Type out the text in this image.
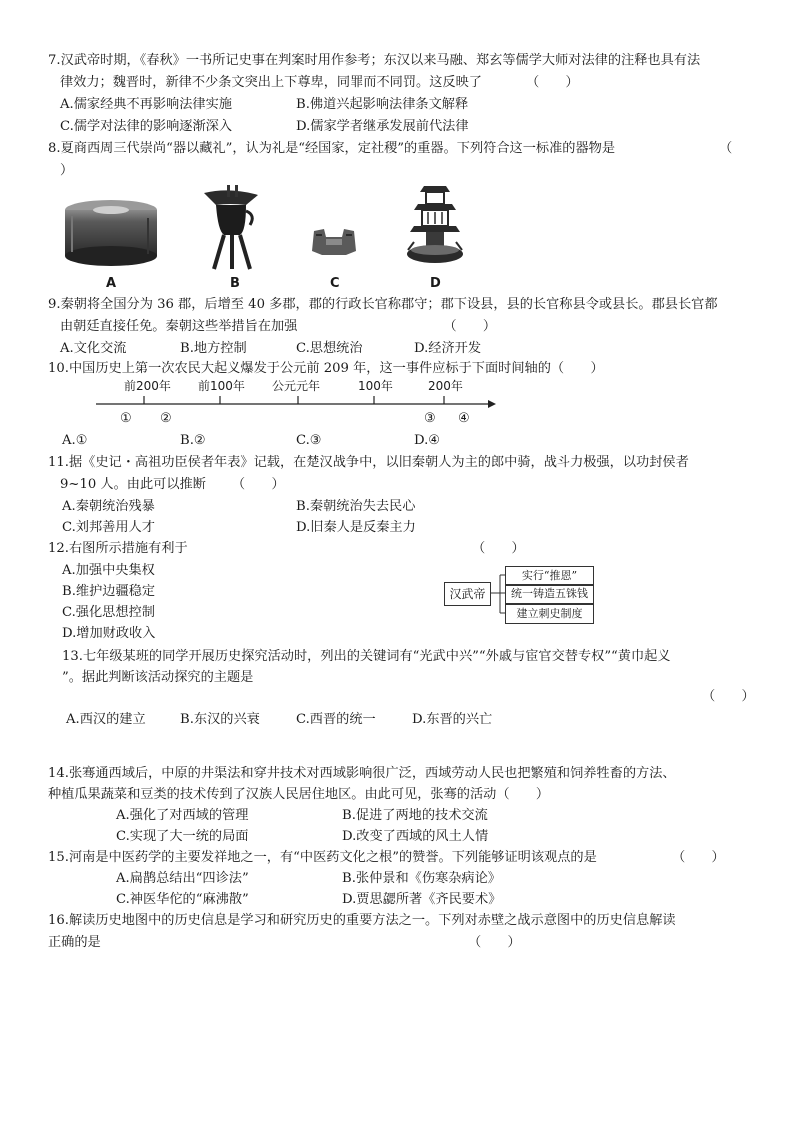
7.汉武帝时期，《春秋》一书所记史事在判案时用作参考；东汉以来马融、郑玄等儒学大师对法律的注释也具有法
律效力；魏晋时，新律不少条文突出上下尊卑，同罪而不同罚。这反映了	（　　）
A.儒家经典不再影响法律实施	B.佛道兴起影响法律条文解释
C.儒学对法律的影响逐渐深入	D.儒家学者继承发展前代法律
8.夏商西周三代崇尚“器以藏礼”，认为礼是“经国家，定社稷”的重器。下列符合这一标准的器物是	（
）
A	B	C	D
9.秦朝将全国分为 36 郡，后增至 40 多郡，郡的行政长官称郡守；郡下设县，县的长官称县令或县长。郡县长官都
由朝廷直接任免。秦朝这些举措旨在加强	（　　）
A.文化交流	B.地方控制	C.思想统治	D.经济开发
10.中国历史上第一次农民大起义爆发于公元前 209 年，这一事件应标于下面时间轴的（　　）
前200年 前100年 公元元年	100年	200年
① ②	③ ④
A.①	B.②	C.③	D.④
11.据《史记・高祖功臣侯者年表》记载，在楚汉战争中，以旧秦朝人为主的郎中骑，战斗力极强，以功封侯者
9~10 人。由此可以推断 （　　）
A.秦朝统治残暴	B.秦朝统治失去民心
C.刘邦善用人才	D.旧秦人是反秦主力
12.右图所示措施有利于	（　　）
A.加强中央集权
B.维护边疆稳定
C.强化思想控制
D.增加财政收入
汉武帝
实行“推恩”
统一铸造五铢钱
建立刺史制度
13.七年级某班的同学开展历史探究活动时，列出的关键词有“光武中兴”“外戚与宦官交替专权”“黄巾起义
”。据此判断该活动探究的主题是
（　　）
A.西汉的建立	B.东汉的兴衰	C.西晋的统一	D.东晋的兴亡
14.张骞通西域后，中原的井渠法和穿井技术对西域影响很广泛，西域劳动人民也把繁殖和饲养牲畜的方法、
种植瓜果蔬菜和豆类的技术传到了汉族人民居住地区。由此可见，张骞的活动（　　）
A.强化了对西域的管理	B.促进了两地的技术交流
C.实现了大一统的局面	D.改变了西域的风土人情
15.河南是中医药学的主要发祥地之一，有“中医药文化之根”的赞誉。下列能够证明该观点的是	（　　）
A.扁鹊总结出“四诊法”	B.张仲景和《伤寒杂病论》
C.神医华佗的“麻沸散”	D.贾思勰所著《齐民要术》
16.解读历史地图中的历史信息是学习和研究历史的重要方法之一。下列对赤壁之战示意图中的历史信息解读
正确的是	（　　）
